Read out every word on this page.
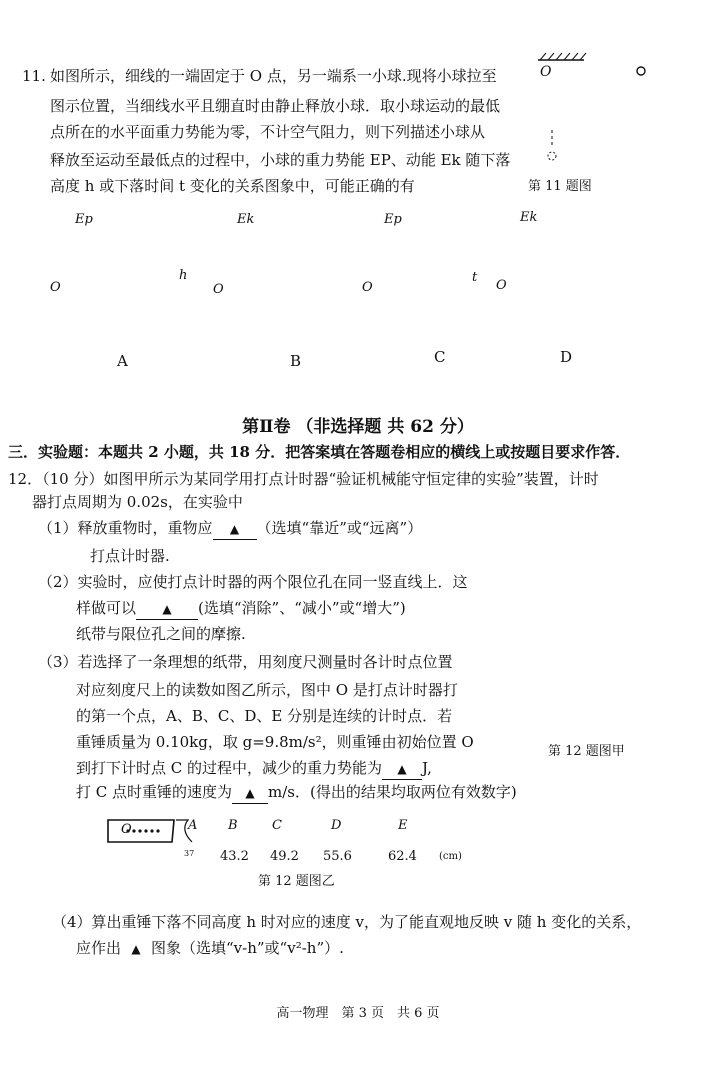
11. 如图所示，细线的一端固定于 O 点，另一端系一小球.现将小球拉至
图示位置，当细线水平且绷直时由静止释放小球．取小球运动的最低
点所在的水平面重力势能为零，不计空气阻力，则下列描述小球从
释放至运动至最低点的过程中，小球的重力势能 EP、动能 Ek 随下落
高度 h 或下落时间 t 变化的关系图象中，可能正确的有
O
第 11 题图
Ep
O
A
Ek
h
O
B
Ep
O
C
Ek
t
O
D
第Ⅱ卷 （非选择题 共 62 分）
三．实验题：本题共 2 小题，共 18 分．把答案填在答题卷相应的横线上或按题目要求作答．
12．（10 分）如图甲所示为某同学用打点计时器“验证机械能守恒定律的实验”装置，计时
器打点周期为 0.02s，在实验中
（1）释放重物时，重物应 ▲ （选填“靠近”或“远离”）
打点计时器.
（2）实验时，应使打点计时器的两个限位孔在同一竖直线上．这
样做可以 ▲ (选填“消除”、“减小”或“增大”)
纸带与限位孔之间的摩擦.
（3）若选择了一条理想的纸带，用刻度尺测量时各计时点位置
对应刻度尺上的读数如图乙所示，图中 O 是打点计时器打
的第一个点，A、B、C、D、E 分别是连续的计时点．若
重锤质量为 0.10kg，取 g=9.8m/s²，则重锤由初始位置 O
第 12 题图甲
到打下计时点 C 的过程中，减少的重力势能为 ▲ J,
打 C 点时重锤的速度为 ▲ m/s．(得出的结果均取两位有效数字)
O	A B	C	D	E
37 43.2 49.2 55.6	62.4 (cm)
第 12 题图乙
（4）算出重锤下落不同高度 h 时对应的速度 v，为了能直观地反映 v 随 h 变化的关系，
应作出 ▲ 图象（选填“v-h”或“v²-h”）.
高一物理　第 3 页　共 6 页
